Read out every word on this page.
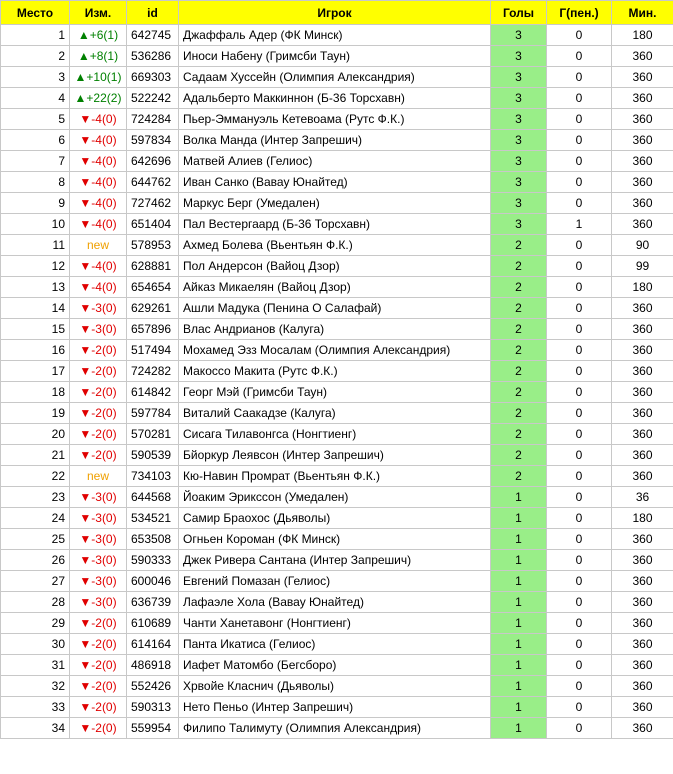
Место	Изм.	id	Игрок	Голы	Г(пен.)	Мин.
1	▲+6(1)	642745	Джаффаль Адер (ФК Минск)	3	0	180
2	▲+8(1)	536286	Иноси Набену (Гримсби Таун)	3	0	360
3	▲+10(1)	669303	Садаам Хуссейн (Олимпия Александрия)	3	0	360
4	▲+22(2)	522242	Адальберто Маккиннон (Б-36 Торсхавн)	3	0	360
5	▼-4(0)	724284	Пьер-Эммануэль Кетевоама (Рутс Ф.К.)	3	0	360
6	▼-4(0)	597834	Волка Манда (Интер Запрешич)	3	0	360
7	▼-4(0)	642696	Матвей Алиев (Гелиос)	3	0	360
8	▼-4(0)	644762	Иван Санко (Вавау Юнайтед)	3	0	360
9	▼-4(0)	727462	Маркус Берг (Умедален)	3	0	360
10	▼-4(0)	651404	Пал Вестергаард (Б-36 Торсхавн)	3	1	360
11	new	578953	Ахмед Болева (Вьентьян Ф.К.)	2	0	90
12	▼-4(0)	628881	Пол Андерсон (Вайоц Дзор)	2	0	99
13	▼-4(0)	654654	Айказ Микаелян (Вайоц Дзор)	2	0	180
14	▼-3(0)	629261	Ашли Мадука (Пенина О Салафай)	2	0	360
15	▼-3(0)	657896	Влас Андрианов (Калуга)	2	0	360
16	▼-2(0)	517494	Мохамед Эзз Мосалам (Олимпия Александрия)	2	0	360
17	▼-2(0)	724282	Макоссо Макита (Рутс Ф.К.)	2	0	360
18	▼-2(0)	614842	Георг Мэй (Гримсби Таун)	2	0	360
19	▼-2(0)	597784	Виталий Саакадзе (Калуга)	2	0	360
20	▼-2(0)	570281	Сисага Тилавонгса (Нонгтиенг)	2	0	360
21	▼-2(0)	590539	Бйоркур Леявсон (Интер Запрешич)	2	0	360
22	new	734103	Кю-Навин Промрат (Вьентьян Ф.К.)	2	0	360
23	▼-3(0)	644568	Йоаким Эрикссон (Умедален)	1	0	36
24	▼-3(0)	534521	Самир Браохос (Дьяволы)	1	0	180
25	▼-3(0)	653508	Огньен Короман (ФК Минск)	1	0	360
26	▼-3(0)	590333	Джек Ривера Сантана (Интер Запрешич)	1	0	360
27	▼-3(0)	600046	Евгений Помазан (Гелиос)	1	0	360
28	▼-3(0)	636739	Лафаэле Хола (Вавау Юнайтед)	1	0	360
29	▼-2(0)	610689	Чанти Ханетавонг (Нонгтиенг)	1	0	360
30	▼-2(0)	614164	Панта Икатиса (Гелиос)	1	0	360
31	▼-2(0)	486918	Иафет Матомбо (Бегсборо)	1	0	360
32	▼-2(0)	552426	Хрвойе Класнич (Дьяволы)	1	0	360
33	▼-2(0)	590313	Нето Пеньо (Интер Запрешич)	1	0	360
34	▼-2(0)	559954	Филипо Талимуту (Олимпия Александрия)	1	0	360
